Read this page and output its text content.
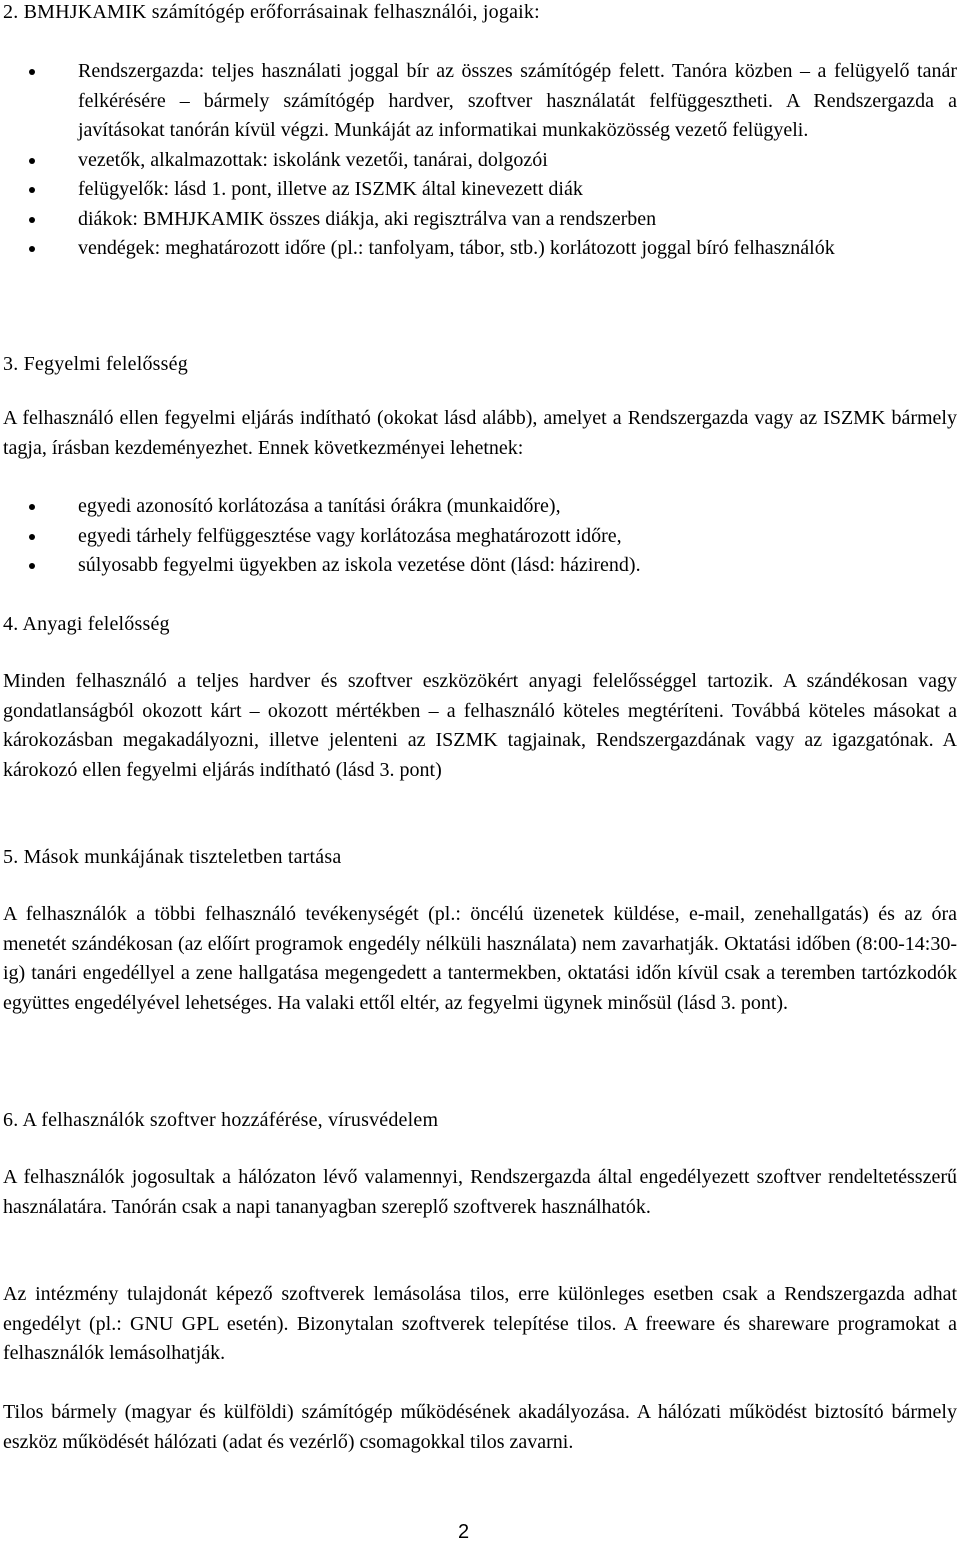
2. BMHJKAMIK számítógép erőforrásainak felhasználói, jogaik:
Rendszergazda: teljes használati joggal bír az összes számítógép felett. Tanóra közben – a felügyelő tanár felkérésére – bármely számítógép hardver, szoftver használatát felfüggesztheti. A Rendszergazda a javításokat tanórán kívül végzi. Munkáját az informatikai munkaközösség vezető felügyeli.
vezetők, alkalmazottak: iskolánk vezetői, tanárai, dolgozói
felügyelők: lásd 1. pont, illetve az ISZMK által kinevezett diák
diákok: BMHJKAMIK összes diákja, aki regisztrálva van a rendszerben
vendégek: meghatározott időre (pl.: tanfolyam, tábor, stb.) korlátozott joggal bíró felhasználók
3. Fegyelmi felelősség
A felhasználó ellen fegyelmi eljárás indítható (okokat lásd alább), amelyet a Rendszergazda vagy az ISZMK bármely tagja, írásban kezdeményezhet. Ennek következményei lehetnek:
egyedi azonosító korlátozása a tanítási órákra (munkaidőre),
egyedi tárhely felfüggesztése vagy korlátozása meghatározott időre,
súlyosabb fegyelmi ügyekben az iskola vezetése dönt (lásd: házirend).
4. Anyagi felelősség
Minden felhasználó a teljes hardver és szoftver eszközökért anyagi felelősséggel tartozik. A szándékosan vagy gondatlanságból okozott kárt – okozott mértékben – a felhasználó köteles megtéríteni. Továbbá köteles másokat a károkozásban megakadályozni, illetve jelenteni az ISZMK tagjainak, Rendszergazdának vagy az igazgatónak. A károkozó ellen fegyelmi eljárás indítható (lásd 3. pont)
5. Mások munkájának tiszteletben tartása
A felhasználók a többi felhasználó tevékenységét (pl.: öncélú üzenetek küldése, e-mail, zenehallgatás) és az óra menetét szándékosan (az előírt programok engedély nélküli használata) nem zavarhatják. Oktatási időben (8:00-14:30-ig) tanári engedéllyel a zene hallgatása megengedett a tantermekben, oktatási időn kívül csak a teremben tartózkodók együttes engedélyével lehetséges. Ha valaki ettől eltér, az fegyelmi ügynek minősül (lásd 3. pont).
6. A felhasználók szoftver hozzáférése, vírusvédelem
A felhasználók jogosultak a hálózaton lévő valamennyi, Rendszergazda által engedélyezett szoftver rendeltetésszerű használatára. Tanórán csak a napi tananyagban szereplő szoftverek használhatók.
Az intézmény tulajdonát képező szoftverek lemásolása tilos, erre különleges esetben csak a Rendszergazda adhat engedélyt (pl.: GNU GPL esetén). Bizonytalan szoftverek telepítése tilos. A freeware és shareware programokat a felhasználók lemásolhatják.
Tilos bármely (magyar és külföldi) számítógép működésének akadályozása. A hálózati működést biztosító bármely eszköz működését hálózati (adat és vezérlő) csomagokkal tilos zavarni.
2
